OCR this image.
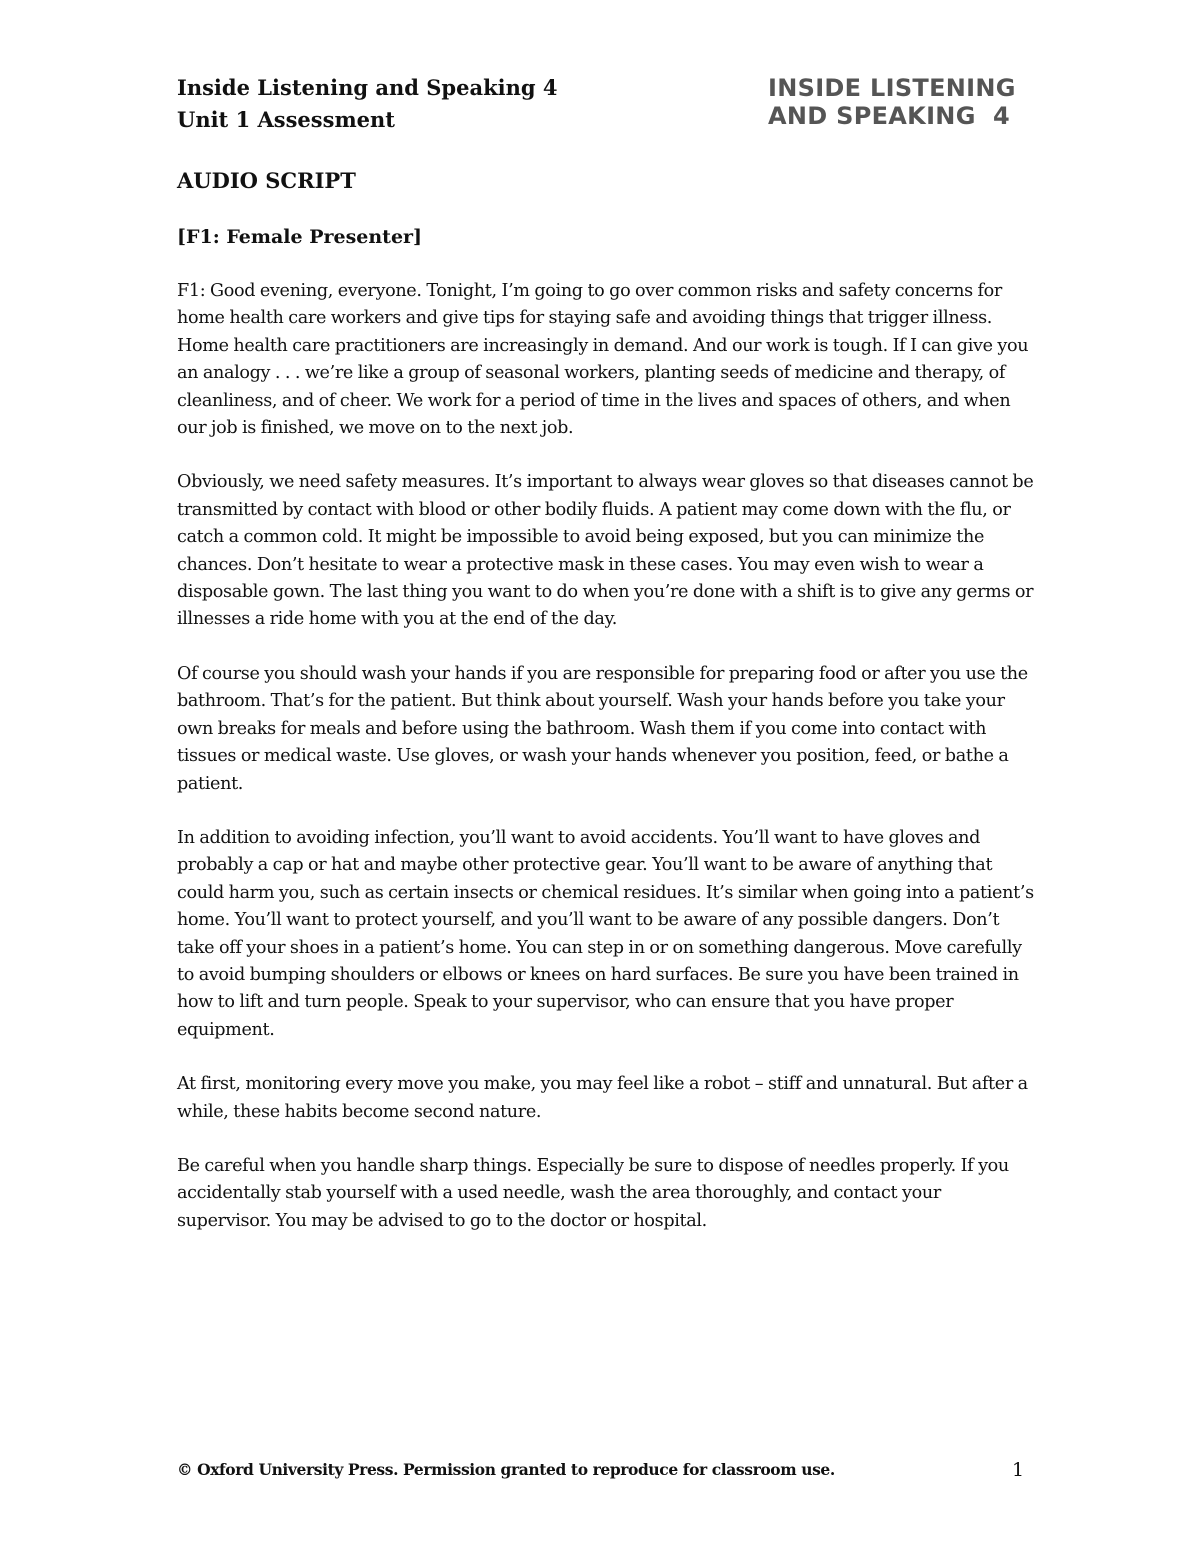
Inside Listening and Speaking 4
Unit 1 Assessment
INSIDE LISTENING
AND SPEAKING  4
AUDIO SCRIPT
[F1: Female Presenter]

F1: Good evening, everyone. Tonight, I’m going to go over common risks and safety concerns for home health care workers and give tips for staying safe and avoiding things that trigger illness. Home health care practitioners are increasingly in demand. And our work is tough. If I can give you an analogy . . . we’re like a group of seasonal workers, planting seeds of medicine and therapy, of cleanliness, and of cheer. We work for a period of time in the lives and spaces of others, and when our job is finished, we move on to the next job.

Obviously, we need safety measures. It’s important to always wear gloves so that diseases cannot be transmitted by contact with blood or other bodily fluids. A patient may come down with the flu, or catch a common cold. It might be impossible to avoid being exposed, but you can minimize the chances. Don’t hesitate to wear a protective mask in these cases. You may even wish to wear a disposable gown. The last thing you want to do when you’re done with a shift is to give any germs or illnesses a ride home with you at the end of the day.

Of course you should wash your hands if you are responsible for preparing food or after you use the bathroom. That’s for the patient. But think about yourself. Wash your hands before you take your own breaks for meals and before using the bathroom. Wash them if you come into contact with tissues or medical waste. Use gloves, or wash your hands whenever you position, feed, or bathe a patient.

In addition to avoiding infection, you’ll want to avoid accidents. You’ll want to have gloves and probably a cap or hat and maybe other protective gear. You’ll want to be aware of anything that could harm you, such as certain insects or chemical residues. It’s similar when going into a patient’s home. You’ll want to protect yourself, and you’ll want to be aware of any possible dangers. Don’t take off your shoes in a patient’s home. You can step in or on something dangerous. Move carefully to avoid bumping shoulders or elbows or knees on hard surfaces. Be sure you have been trained in how to lift and turn people. Speak to your supervisor, who can ensure that you have proper equipment.

At first, monitoring every move you make, you may feel like a robot – stiff and unnatural. But after a while, these habits become second nature.

Be careful when you handle sharp things. Especially be sure to dispose of needles properly. If you accidentally stab yourself with a used needle, wash the area thoroughly, and contact your supervisor. You may be advised to go to the doctor or hospital.

© Oxford University Press. Permission granted to reproduce for classroom use.	1
